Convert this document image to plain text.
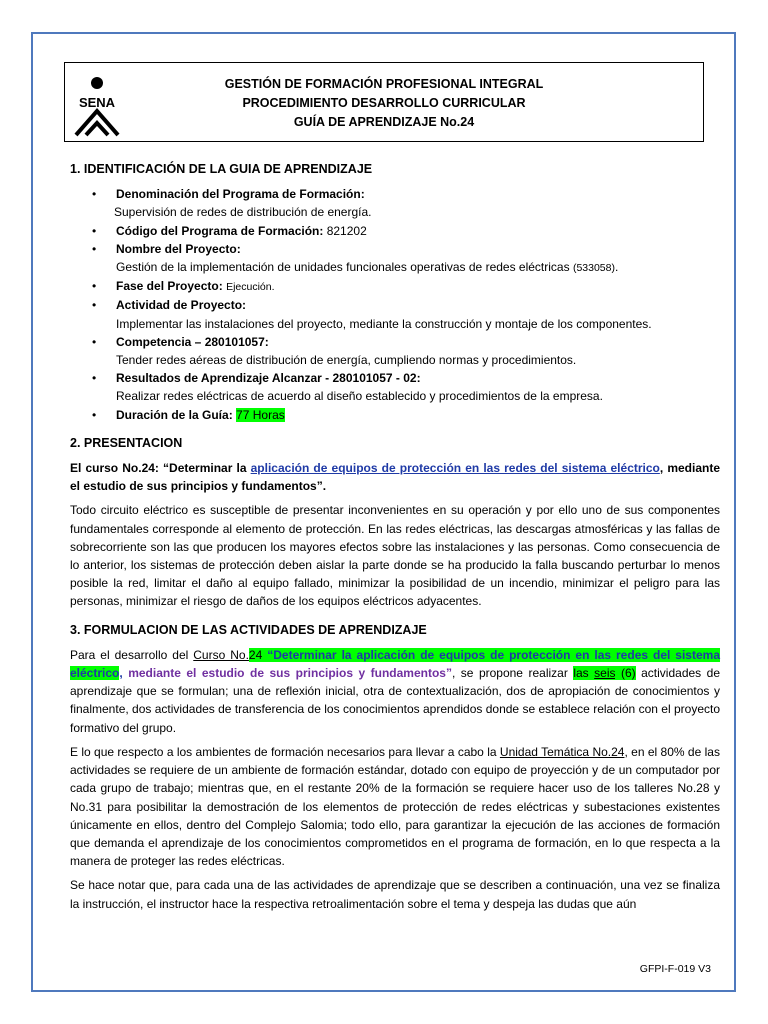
SENA
GESTIÓN DE FORMACIÓN PROFESIONAL INTEGRAL
PROCEDIMIENTO DESARROLLO CURRICULAR
GUÍA DE APRENDIZAJE No.24
1. IDENTIFICACIÓN DE LA GUIA DE APRENDIZAJE
• Denominación del Programa de Formación:
Supervisión de redes de distribución de energía.
• Código del Programa de Formación: 821202
• Nombre del Proyecto:
Gestión de la implementación de unidades funcionales operativas de redes eléctricas (533058).
• Fase del Proyecto: Ejecución.
• Actividad de Proyecto:
Implementar las instalaciones del proyecto, mediante la construcción y montaje de los componentes.
• Competencia – 280101057:
Tender redes aéreas de distribución de energía, cumpliendo normas y procedimientos.
• Resultados de Aprendizaje Alcanzar - 280101057 - 02:
Realizar redes eléctricas de acuerdo al diseño establecido y procedimientos de la empresa.
• Duración de la Guía: 77 Horas
2. PRESENTACION

El curso No.24: “Determinar la aplicación de equipos de protección en las redes del sistema eléctrico, mediante el estudio de sus principios y fundamentos”.

Todo circuito eléctrico es susceptible de presentar inconvenientes en su operación y por ello uno de sus componentes fundamentales corresponde al elemento de protección. En las redes eléctricas, las descargas atmosféricas y las fallas de sobrecorriente son las que producen los mayores efectos sobre las instalaciones y las personas. Como consecuencia de lo anterior, los sistemas de protección deben aislar la parte donde se ha producido la falla buscando perturbar lo menos posible la red, limitar el daño al equipo fallado, minimizar la posibilidad de un incendio, minimizar el peligro para las personas, minimizar el riesgo de daños de los equipos eléctricos adyacentes.

3. FORMULACION DE LAS ACTIVIDADES DE APRENDIZAJE

Para el desarrollo del Curso No.24 “Determinar la aplicación de equipos de protección en las redes del sistema eléctrico, mediante el estudio de sus principios y fundamentos”, se propone realizar las seis (6) actividades de aprendizaje que se formulan; una de reflexión inicial, otra de contextualización, dos de apropiación de conocimientos y finalmente, dos actividades de transferencia de los conocimientos aprendidos donde se establece relación con el proyecto formativo del grupo.

E lo que respecto a los ambientes de formación necesarios para llevar a cabo la Unidad Temática No.24, en el 80% de las actividades se requiere de un ambiente de formación estándar, dotado con equipo de proyección y de un computador por cada grupo de trabajo; mientras que, en el restante 20% de la formación se requiere hacer uso de los talleres No.28 y No.31 para posibilitar la demostración de los elementos de protección de redes eléctricas y subestaciones existentes únicamente en ellos, dentro del Complejo Salomia; todo ello, para garantizar la ejecución de las acciones de formación que demanda el aprendizaje de los conocimientos comprometidos en el programa de formación, en lo que respecta a la manera de proteger las redes eléctricas.

Se hace notar que, para cada una de las actividades de aprendizaje que se describen a continuación, una vez se finaliza la instrucción, el instructor hace la respectiva retroalimentación sobre el tema y despeja las dudas que aún

GFPI-F-019 V3
